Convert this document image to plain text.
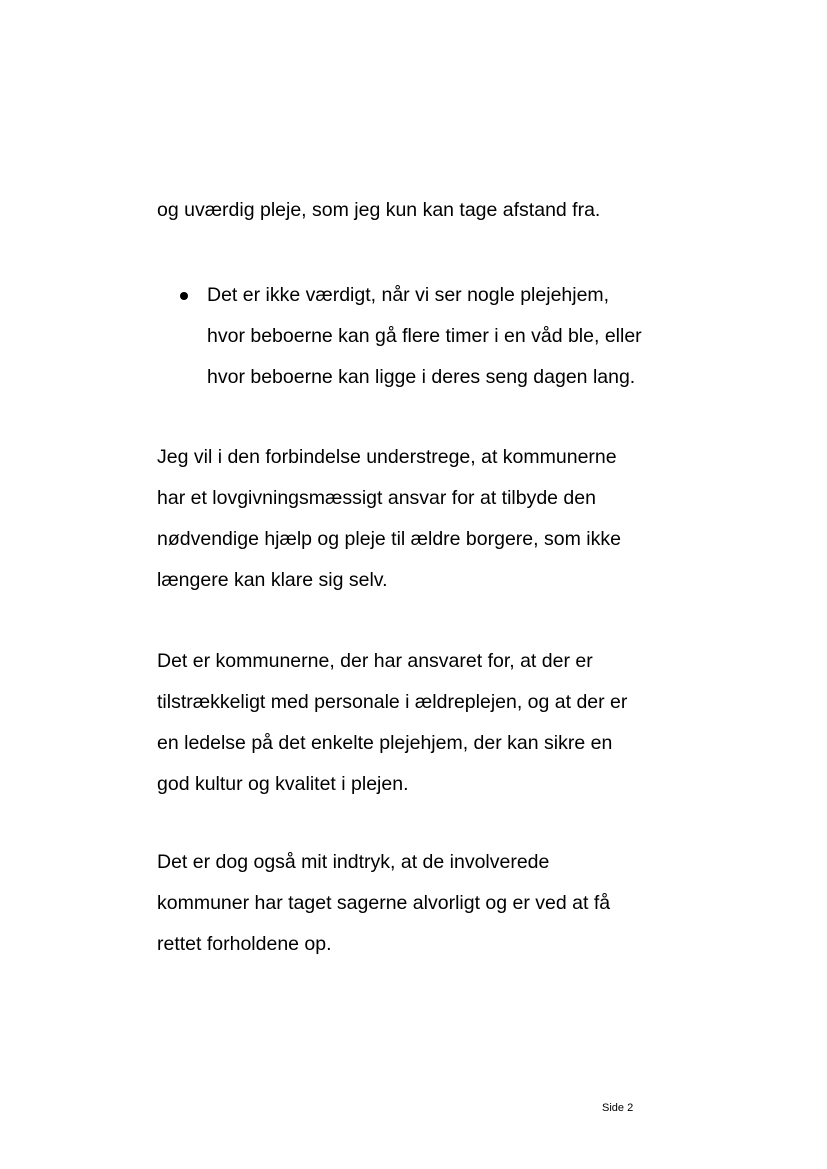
og uværdig pleje, som jeg kun kan tage afstand fra.

Det er ikke værdigt, når vi ser nogle plejehjem,
hvor beboerne kan gå flere timer i en våd ble, eller
hvor beboerne kan ligge i deres seng dagen lang.

Jeg vil i den forbindelse understrege, at kommunerne
har et lovgivningsmæssigt ansvar for at tilbyde den
nødvendige hjælp og pleje til ældre borgere, som ikke
længere kan klare sig selv.

Det er kommunerne, der har ansvaret for, at der er
tilstrækkeligt med personale i ældreplejen, og at der er
en ledelse på det enkelte plejehjem, der kan sikre en
god kultur og kvalitet i plejen.

Det er dog også mit indtryk, at de involverede
kommuner har taget sagerne alvorligt og er ved at få
rettet forholdene op.

Side 2
